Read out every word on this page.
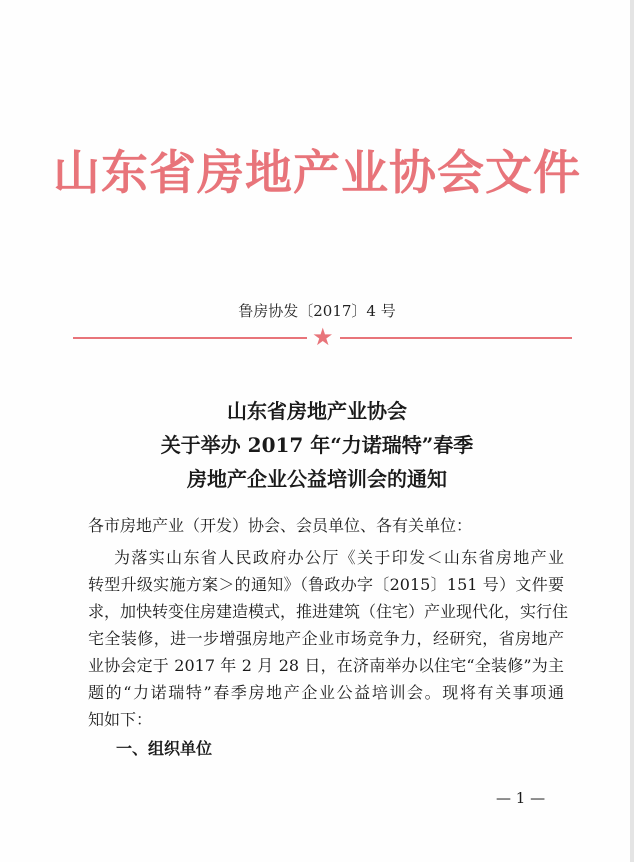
山东省房地产业协会文件
鲁房协发〔2017〕4 号
★
山东省房地产业协会
关于举办 2017 年“力诺瑞特”春季
房地产企业公益培训会的通知
各市房地产业（开发）协会、会员单位、各有关单位：
为落实山东省人民政府办公厅《关于印发＜山东省房地产业
转型升级实施方案＞的通知》（鲁政办字〔2015〕151 号）文件要
求，加快转变住房建造模式，推进建筑（住宅）产业现代化，实行住
宅全装修，进一步增强房地产企业市场竞争力，经研究，省房地产
业协会定于 2017 年 2 月 28 日，在济南举办以住宅“全装修”为主
题的“力诺瑞特”春季房地产企业公益培训会。现将有关事项通
知如下：
一、组织单位
— 1 —
